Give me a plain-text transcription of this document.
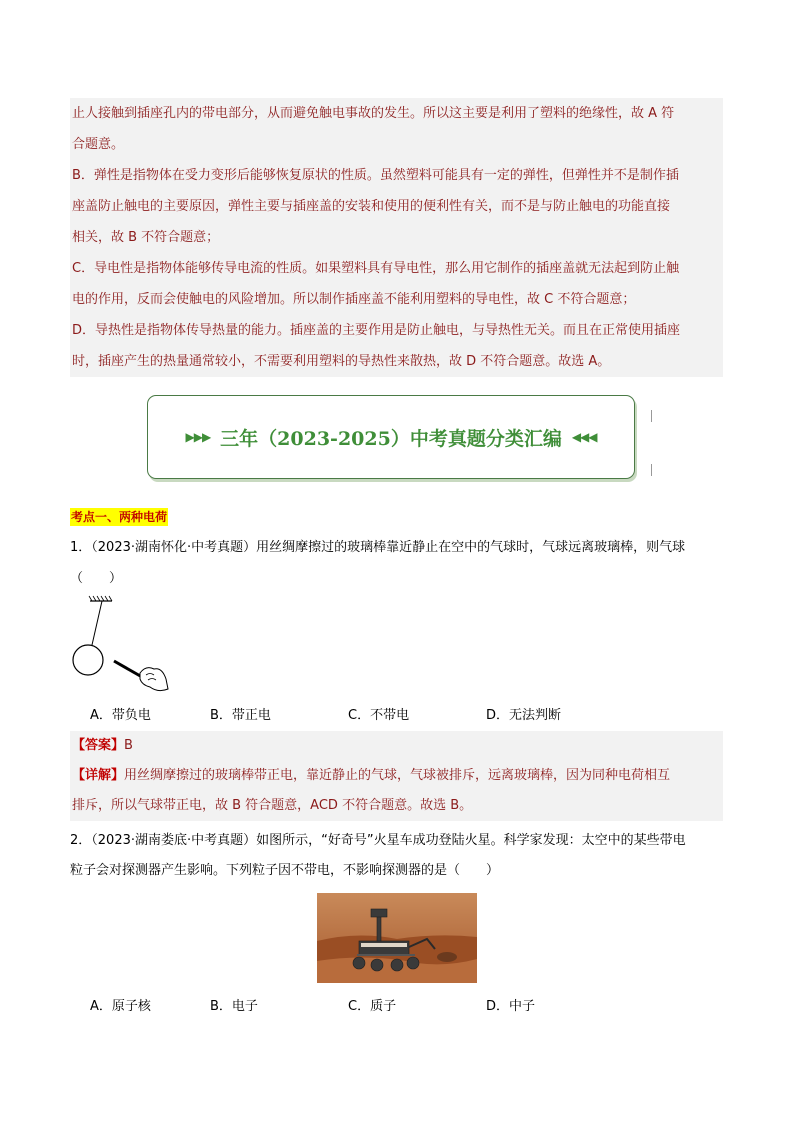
止人接触到插座孔内的带电部分，从而避免触电事故的发生。所以这主要是利用了塑料的绝缘性，故 A 符

合题意。

B．弹性是指物体在受力变形后能够恢复原状的性质。虽然塑料可能具有一定的弹性，但弹性并不是制作插

座盖防止触电的主要原因，弹性主要与插座盖的安装和使用的便利性有关，而不是与防止触电的功能直接

相关，故 B 不符合题意；

C．导电性是指物体能够传导电流的性质。如果塑料具有导电性，那么用它制作的插座盖就无法起到防止触

电的作用，反而会使触电的风险增加。所以制作插座盖不能利用塑料的导电性，故 C 不符合题意；

D．导热性是指物体传导热量的能力。插座盖的主要作用是防止触电，与导热性无关。而且在正常使用插座

时，插座产生的热量通常较小，不需要利用塑料的导热性来散热，故 D 不符合题意。故选 A。

▶▶▶ 三年（2023-2025）中考真题分类汇编 ◀◀◀
考点一、两种电荷
1．（2023·湖南怀化·中考真题）用丝绸摩擦过的玻璃棒靠近静止在空中的气球时，气球远离玻璃棒，则气球
（　　）
A．带负电	B．带正电	C．不带电	D．无法判断

【答案】B

【详解】用丝绸摩擦过的玻璃棒带正电，靠近静止的气球，气球被排斥，远离玻璃棒，因为同种电荷相互

排斥，所以气球带正电，故 B 符合题意，ACD 不符合题意。故选 B。

2．（2023·湖南娄底·中考真题）如图所示，“好奇号”火星车成功登陆火星。科学家发现：太空中的某些带电
粒子会对探测器产生影响。下列粒子因不带电，不影响探测器的是（　　）
A．原子核	B．电子	C．质子	D．中子
